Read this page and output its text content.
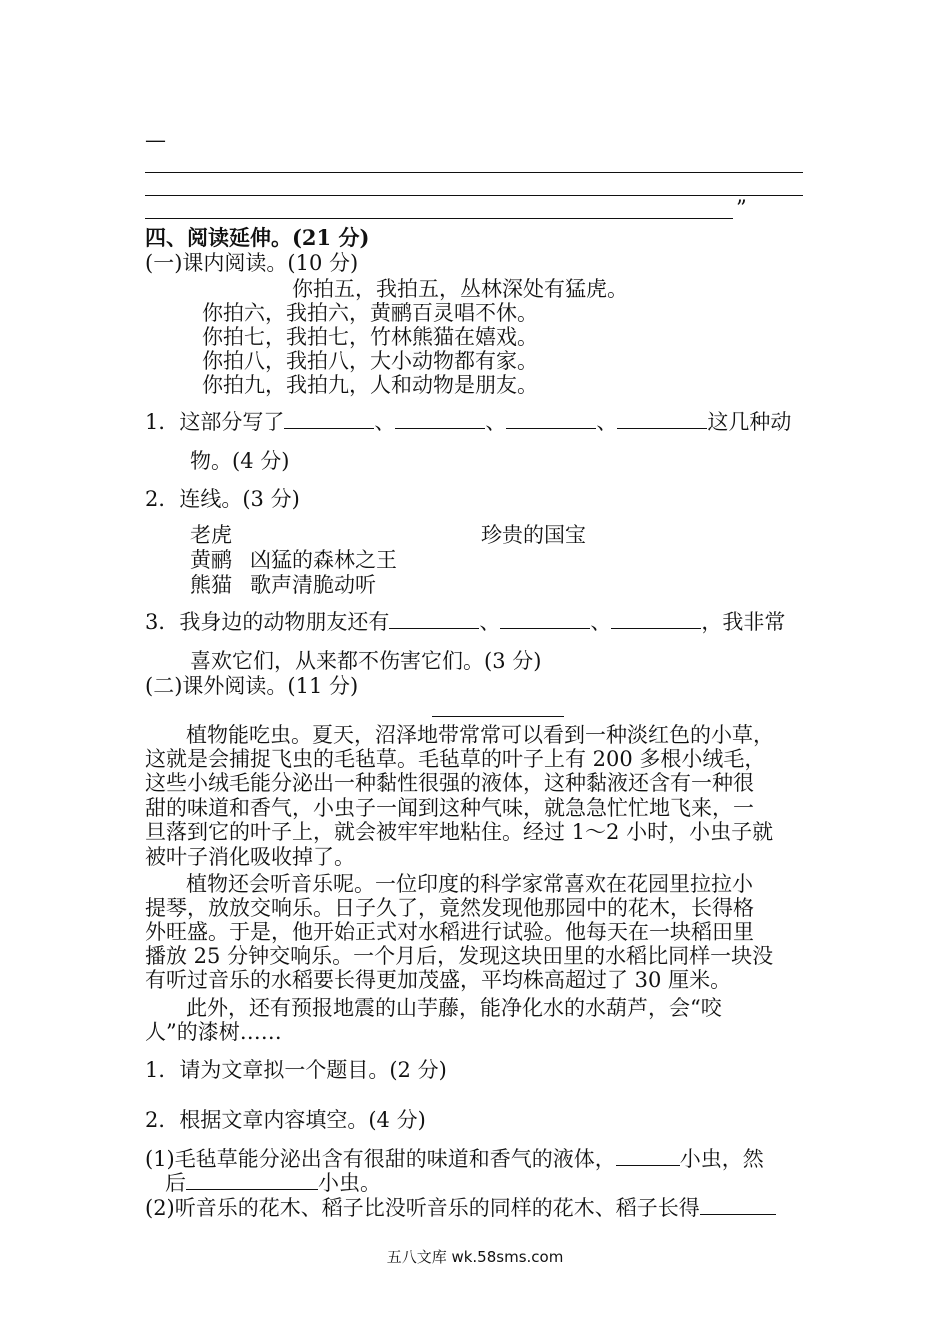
—
”
四、阅读延伸。(21 分)
(一)课内阅读。(10 分)
你拍五，我拍五，丛林深处有猛虎。
你拍六，我拍六，黄鹂百灵唱不休。
你拍七，我拍七，竹林熊猫在嬉戏。
你拍八，我拍八，大小动物都有家。
你拍九，我拍九，人和动物是朋友。
1．这部分写了	、	、	、	这几种动
物。(4 分)
2．连线。(3 分)
老虎	珍贵的国宝
黄鹂 凶猛的森林之王
熊猫 歌声清脆动听
3．我身边的动物朋友还有	、	、	，我非常
喜欢它们，从来都不伤害它们。(3 分)
(二)课外阅读。(11 分)
植物能吃虫。夏天，沼泽地带常常可以看到一种淡红色的小草，
这就是会捕捉飞虫的毛毡草。毛毡草的叶子上有 200 多根小绒毛，
这些小绒毛能分泌出一种黏性很强的液体，这种黏液还含有一种很
甜的味道和香气，小虫子一闻到这种气味，就急急忙忙地飞来，一
旦落到它的叶子上，就会被牢牢地粘住。经过 1～2 小时，小虫子就
被叶子消化吸收掉了。
植物还会听音乐呢。一位印度的科学家常喜欢在花园里拉拉小
提琴，放放交响乐。日子久了，竟然发现他那园中的花木，长得格
外旺盛。于是，他开始正式对水稻进行试验。他每天在一块稻田里
播放 25 分钟交响乐。一个月后，发现这块田里的水稻比同样一块没
有听过音乐的水稻要长得更加茂盛，平均株高超过了 30 厘米。
此外，还有预报地震的山芋藤，能净化水的水葫芦，会“咬
人”的漆树……
1．请为文章拟一个题目。(2 分)
2．根据文章内容填空。(4 分)
(1)毛毡草能分泌出含有很甜的味道和香气的液体，	小虫，然
后	小虫。
(2)听音乐的花木、稻子比没听音乐的同样的花木、稻子长得
五八文库 wk.58sms.com
